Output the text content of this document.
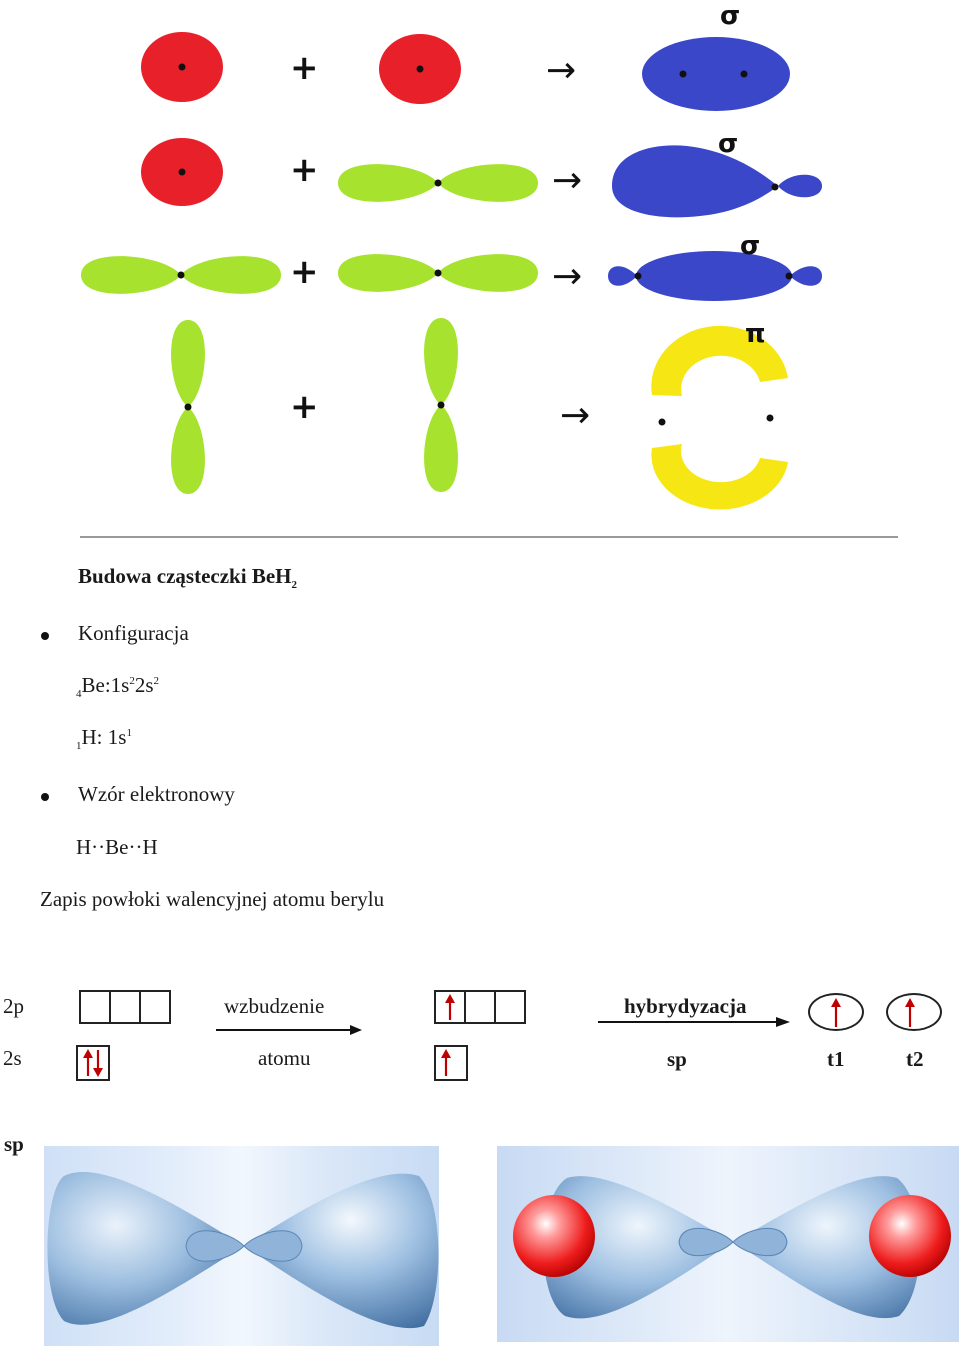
+	→
σ
+	→
σ
+	→
σ
+	→
π
Budowa cząsteczki BeH$_2$
Konfiguracja
$_4Be:1s^22s^2$
$_1$H: $1s^1$
Wzór elektronowy
H··Be··H
Zapis powłoki walencyjnej atomu berylu
2p
2s
wzbudzenie
atomu
hybrydyzacja
sp	t1	t2
sp
